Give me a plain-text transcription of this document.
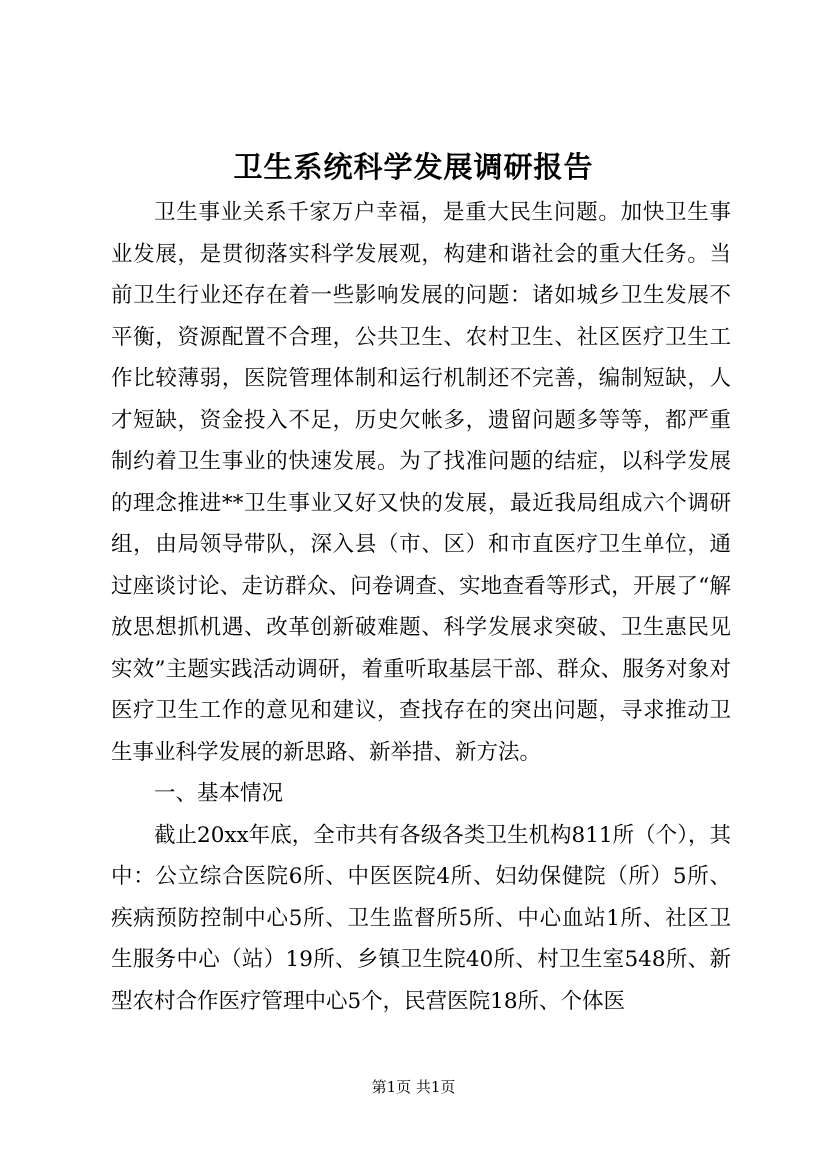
卫生系统科学发展调研报告

卫生事业关系千家万户幸福，是重大民生问题。加快卫生事业发展，是贯彻落实科学发展观，构建和谐社会的重大任务。当前卫生行业还存在着一些影响发展的问题：诸如城乡卫生发展不平衡，资源配置不合理，公共卫生、农村卫生、社区医疗卫生工作比较薄弱，医院管理体制和运行机制还不完善，编制短缺，人才短缺，资金投入不足，历史欠帐多，遗留问题多等等，都严重制约着卫生事业的快速发展。为了找准问题的结症，以科学发展的理念推进**卫生事业又好又快的发展，最近我局组成六个调研组，由局领导带队，深入县（市、区）和市直医疗卫生单位，通过座谈讨论、走访群众、问卷调查、实地查看等形式，开展了“解放思想抓机遇、改革创新破难题、科学发展求突破、卫生惠民见实效”主题实践活动调研，着重听取基层干部、群众、服务对象对医疗卫生工作的意见和建议，查找存在的突出问题，寻求推动卫生事业科学发展的新思路、新举措、新方法。

一、基本情况

截止20xx年底，全市共有各级各类卫生机构811所（个），其中：公立综合医院6所、中医医院4所、妇幼保健院（所）5所、疾病预防控制中心5所、卫生监督所5所、中心血站1所、社区卫生服务中心（站）19所、乡镇卫生院40所、村卫生室548所、新型农村合作医疗管理中心5个，民营医院18所、个体医

第1页 共1页
